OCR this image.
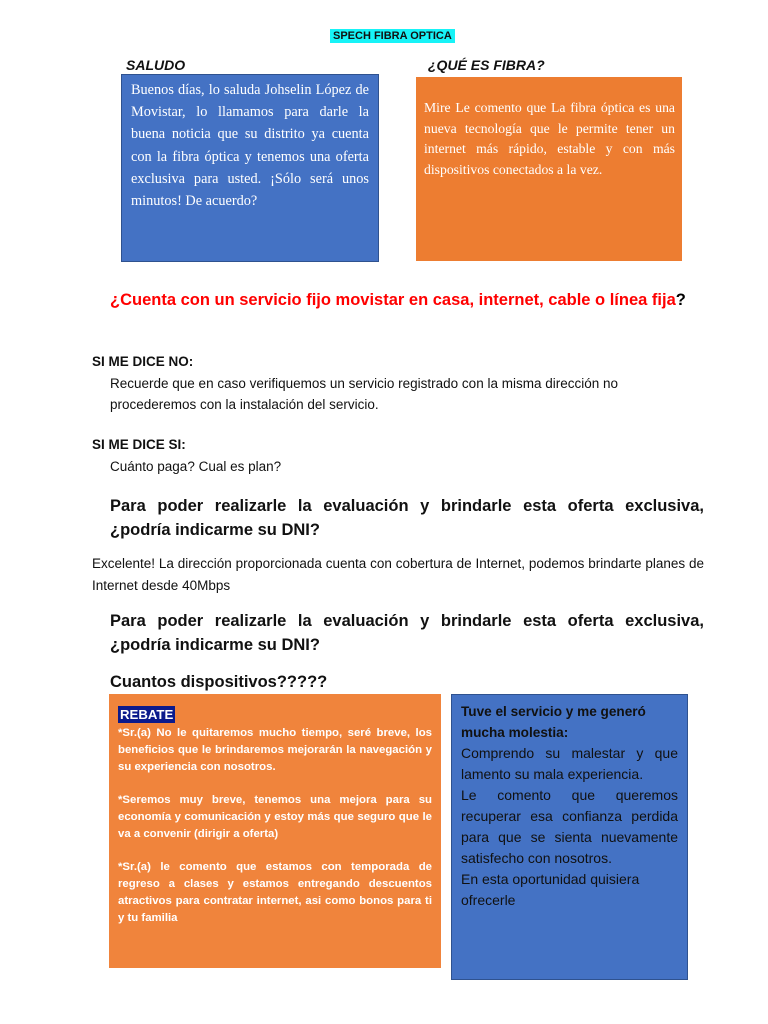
SPECH FIBRA OPTICA
SALUDO
Buenos días, lo saluda Johselin López de Movistar, lo llamamos para darle la buena noticia que su distrito ya cuenta con la fibra óptica y tenemos una oferta exclusiva para usted. ¡Sólo será unos minutos! De acuerdo?
¿QUÉ ES FIBRA?
Mire Le comento que La fibra óptica es una nueva tecnología que le permite tener un internet más rápido, estable y con más dispositivos conectados a la vez.
¿Cuenta con un servicio fijo movistar en casa, internet, cable o línea fija?
SI ME DICE NO:
Recuerde que en caso verifiquemos un servicio registrado con la misma dirección no procederemos con la instalación del servicio.
SI ME DICE SI:
Cuánto paga? Cual es plan?
Para poder realizarle la evaluación y brindarle esta oferta exclusiva, ¿podría indicarme su DNI?
Excelente! La dirección proporcionada cuenta con cobertura de Internet, podemos brindarte planes de Internet desde 40Mbps
Para poder realizarle la evaluación y brindarle esta oferta exclusiva, ¿podría indicarme su DNI?
Cuantos dispositivos?????
REBATE

*Sr.(a) No le quitaremos mucho tiempo, seré breve, los beneficios que le brindaremos mejorarán la navegación y su experiencia con nosotros.

*Seremos muy breve, tenemos una mejora para su economía y comunicación y estoy más que seguro que le va a convenir (dirigir a oferta)

*Sr.(a) le comento que estamos con temporada de regreso a clases y estamos entregando descuentos atractivos para contratar internet, asi como bonos para ti y tu familia

Tuve el servicio y me generó mucha molestia:
Comprendo su malestar y que lamento su mala experiencia.
Le comento que queremos recuperar esa confianza perdida para que se sienta nuevamente satisfecho con nosotros.
En esta oportunidad quisiera ofrecerle
